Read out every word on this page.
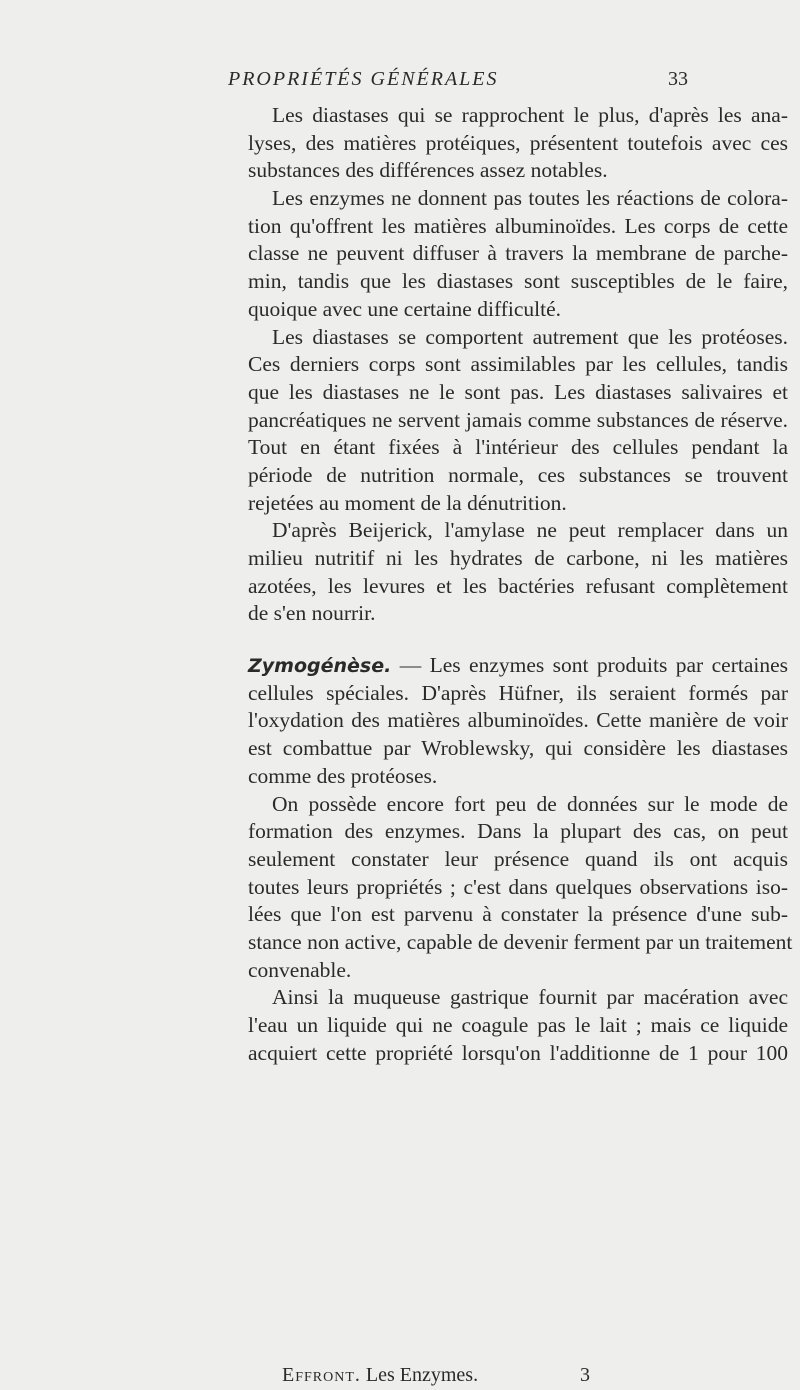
PROPRIÉTÉS GÉNÉRALES	33
Les diastases qui se rapprochent le plus, d'après les ana-
lyses, des matières protéiques, présentent toutefois avec ces
substances des différences assez notables.
Les enzymes ne donnent pas toutes les réactions de colora-
tion qu'offrent les matières albuminoïdes. Les corps de cette
classe ne peuvent diffuser à travers la membrane de parche-
min, tandis que les diastases sont susceptibles de le faire,
quoique avec une certaine difficulté.
Les diastases se comportent autrement que les protéoses.
Ces derniers corps sont assimilables par les cellules, tandis
que les diastases ne le sont pas. Les diastases salivaires et
pancréatiques ne servent jamais comme substances de réserve.
Tout en étant fixées à l'intérieur des cellules pendant la
période de nutrition normale, ces substances se trouvent
rejetées au moment de la dénutrition.
D'après Beijerick, l'amylase ne peut remplacer dans un
milieu nutritif ni les hydrates de carbone, ni les matières
azotées, les levures et les bactéries refusant complètement
de s'en nourrir.
Zymogénèse. — Les enzymes sont produits par certaines
cellules spéciales. D'après Hüfner, ils seraient formés par
l'oxydation des matières albuminoïdes. Cette manière de voir
est combattue par Wroblewsky, qui considère les diastases
comme des protéoses.
On possède encore fort peu de données sur le mode de
formation des enzymes. Dans la plupart des cas, on peut
seulement constater leur présence quand ils ont acquis
toutes leurs propriétés ; c'est dans quelques observations iso-
lées que l'on est parvenu à constater la présence d'une sub-
stance non active, capable de devenir ferment par un traitement
convenable.
Ainsi la muqueuse gastrique fournit par macération avec
l'eau un liquide qui ne coagule pas le lait ; mais ce liquide
acquiert cette propriété lorsqu'on l'additionne de 1 pour 100
Effront. Les Enzymes.	3
